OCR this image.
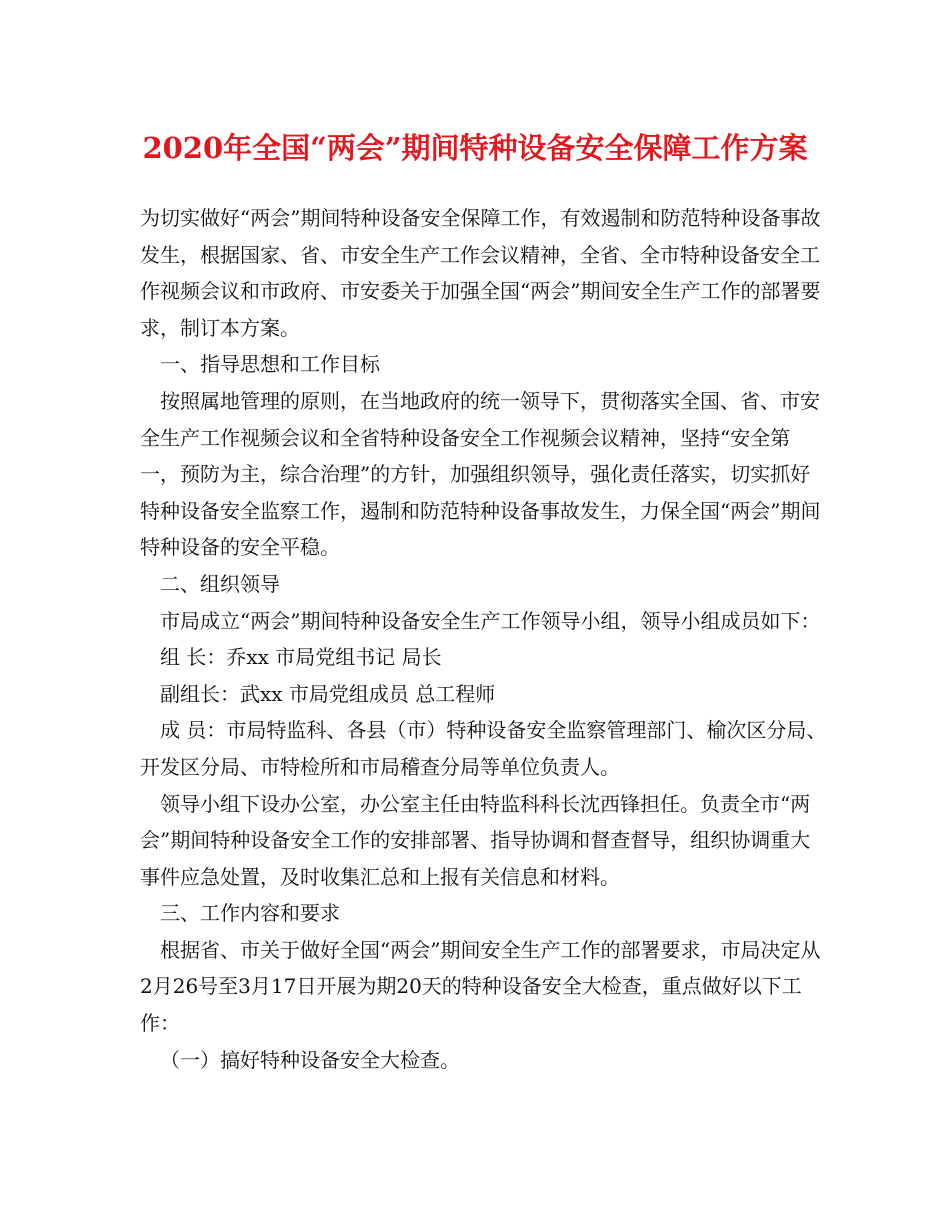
2020年全国“两会”期间特种设备安全保障工作方案

为切实做好“两会”期间特种设备安全保障工作，有效遏制和防范特种设备事故发生，根据国家、省、市安全生产工作会议精神，全省、全市特种设备安全工作视频会议和市政府、市安委关于加强全国“两会”期间安全生产工作的部署要求，制订本方案。

一、指导思想和工作目标

按照属地管理的原则，在当地政府的统一领导下，贯彻落实全国、省、市安全生产工作视频会议和全省特种设备安全工作视频会议精神，坚持“安全第一，预防为主，综合治理”的方针，加强组织领导，强化责任落实，切实抓好特种设备安全监察工作，遏制和防范特种设备事故发生，力保全国“两会”期间特种设备的安全平稳。

二、组织领导

市局成立“两会”期间特种设备安全生产工作领导小组，领导小组成员如下：

组 长：乔xx 市局党组书记 局长

副组长：武xx 市局党组成员 总工程师

成 员：市局特监科、各县（市）特种设备安全监察管理部门、榆次区分局、开发区分局、市特检所和市局稽查分局等单位负责人。

领导小组下设办公室，办公室主任由特监科科长沈西锋担任。负责全市“两会”期间特种设备安全工作的安排部署、指导协调和督查督导，组织协调重大事件应急处置，及时收集汇总和上报有关信息和材料。

三、工作内容和要求

根据省、市关于做好全国“两会”期间安全生产工作的部署要求，市局决定从2月26号至3月17日开展为期20天的特种设备安全大检查，重点做好以下工作：

（一）搞好特种设备安全大检查。
